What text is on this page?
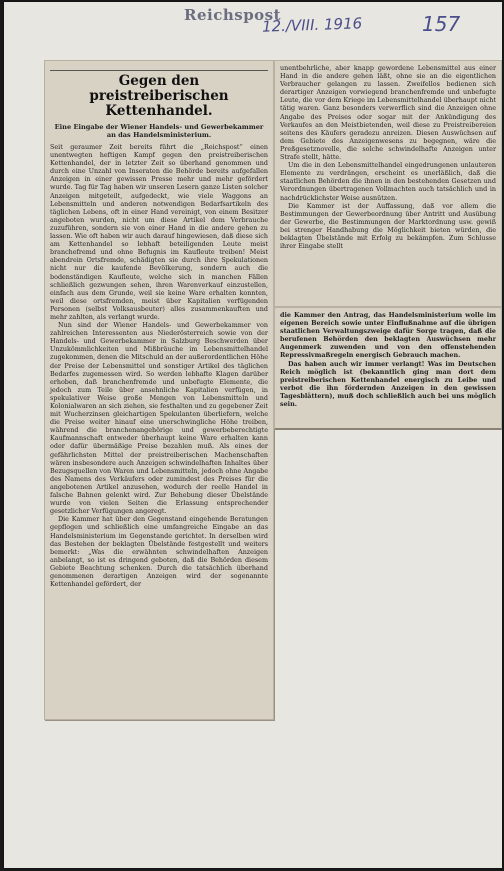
Reichspost
12./VIII. 1916	157
Gegen den preistreiberischen
Kettenhandel.
Eine Eingabe der Wiener Handels- und Gewerbekammer an das Handelsministerium.

Seit geraumer Zeit bereits führt die „Reichspost“ einen unentwegten heftigen Kampf gegen den preistreiberischen Kettenhandel, der in letzter Zeit so überhand genommen und durch eine Unzahl von Inseraten die Behörde bereits aufgefallen Anzeigen in einer gewissen Presse mehr und mehr gefördert wurde. Tag für Tag haben wir unseren Lesern ganze Listen solcher Anzeigen mitgeteilt, aufgedeckt, wie viele Waggons an Lebensmitteln und anderen notwendigen Bedarfsartikeln des täglichen Lebens, oft in einer Hand vereinigt, von einem Besitzer angeboten wurden, nicht um diese Artikel dem Verbrauche zuzuführen, sondern sie von einer Hand in die andere gehen zu lassen. Wie oft haben wir auch darauf hingewiesen, daß diese sich am Kettenhandel so lebhaft beteiligenden Leute meist branchefremd und ohne Befugnis im Kaufleute treiben! Meist abendrein Ortsfremde, schädigten sie durch ihre Spekulationen nicht nur die kaufende Bevölkerung, sondern auch die bodenständigen Kaufleute, welche sich in manchen Fällen schließlich gezwungen sehen, ihren Warenverkauf einzustellen, einfach aus dem Grunde, weil sie keine Ware erhalten konnten, weil diese ortsfremden, meist über Kapitalien verfügenden Personen (selbst Volksausbeuter) alles zusammenkauften und mehr zahlten, als verlangt wurde.

Nun sind der Wiener Handels- und Gewerbekammer von zahlreichen Interessenten aus Niederösterreich sowie von der Handels- und Gewerbekammer in Salzburg Beschwerden über Unzukömmlichkeiten und Mißbräuche im Lebensmittelhandel zugekommen, denen die Mitschuld an der außerordentlichen Höhe der Preise der Lebensmittel und sonstiger Artikel des täglichen Bedarfes zugemessen wird. So werden lebhafte Klagen darüber erhoben, daß branchenfremde und unbefugte Elemente, die jedoch zum Teile über ansehnliche Kapitalien verfügen, in spekulativer Weise große Mengen von Lebensmitteln und Kolonialwaren an sich ziehen, sie festhalten und zu gegebener Zeit mit Wucherzinsen gleichartigen Spekulanten überliefern, welche die Preise weiter hinauf eine unerschwingliche Höhe treiben, während die branchenangehörige und gewerbeberechtigte Kaufmannschaft entweder überhaupt keine Ware erhalten kann oder dafür übermäßige Preise bezahlen muß. Als eines der gefährlichsten Mittel der preistreiberischen Machenschaften wären insbesondere auch Anzeigen schwindelhaften Inhaltes über Bezugsquellen von Waren und Lebensmitteln, jedoch ohne Angabe des Namens des Verkäufers oder zumindest des Preises für die angebotenen Artikel anzusehen, wodurch der reelle Handel in falsche Bahnen gelenkt wird. Zur Behebung dieser Übelstände wurde von vielen Seiten die Erlassung entsprechender gesetzlicher Verfügungen angeregt.

Die Kammer hat über den Gegenstand eingehende Beratungen gepflogen und schließlich eine umfangreiche Eingabe an das Handelsministerium im Gegenstande gerichtet. In derselben wird das Bestehen der beklagten Übelstände festgestellt und weiters bemerkt: „Was die erwähnten schwindelhaften Anzeigen anbelangt, so ist es dringend geboten, daß die Behörden diesem Gebiete Beachtung schenken. Durch die tatsächlich überhand genommenen derartigen Anzeigen wird der sogenannte Kettenhandel gefördert, der

unentbehrliche, aber knapp gewordene Lebensmittel aus einer Hand in die andere gehen läßt, ohne sie an die eigentlichen Verbraucher gelangen zu lassen. Zweifellos bedienen sich derartiger Anzeigen vorwiegend branchenfremde und unbefugte Leute, die vor dem Kriege im Lebensmittelhandel überhaupt nicht tätig waren. Ganz besonders verwerflich sind die Anzeigen ohne Angabe des Preises oder sogar mit der Ankündigung des Verkaufes an den Meistbietenden, weil diese zu Preistreibereien seitens des Käufers geradezu anreizen. Diesen Auswüchsen auf dem Gebiete des Anzeigenwesens zu begegnen, wäre die Preßgesetznovelle, die solche schwindelhafte Anzeigen unter Strafe stellt, hätte.

Um die in den Lebensmittelhandel eingedrungenen unlauteren Elemente zu verdrängen, erscheint es unerläßlich, daß die staatlichen Behörden die ihnen in den bestehenden Gesetzen und Verordnungen übertragenen Vollmachten auch tatsächlich und in nachdrücklichster Weise ausnützen.

Die Kammer ist der Auffassung, daß vor allem die Bestimmungen der Gewerbeordnung über Antritt und Ausübung der Gewerbe, die Bestimmungen der Marktordnung usw. gewiß bei strenger Handhabung die Möglichkeit bieten würden, die beklagten Übelstände mit Erfolg zu bekämpfen. Zum Schlusse ihrer Eingabe stellt

die Kammer den Antrag, das Handelsministerium wolle im eigenen Bereich sowie unter Einflußnahme auf die übrigen staatlichen Verwaltungszweige dafür Sorge tragen, daß die berufenen Behörden den beklagten Auswüchsen mehr Augenmerk zuwenden und von den offenstehenden Repressivmaßregeln energisch Gebrauch machen.

Das haben auch wir immer verlangt! Was im Deutschen Reich möglich ist (bekanntlich ging man dort dem preistreiberischen Kettenhandel energisch zu Leibe und verbot die ihn fördernden Anzeigen in den gewissen Tagesblättern), muß doch schließlich auch bei uns möglich sein.
